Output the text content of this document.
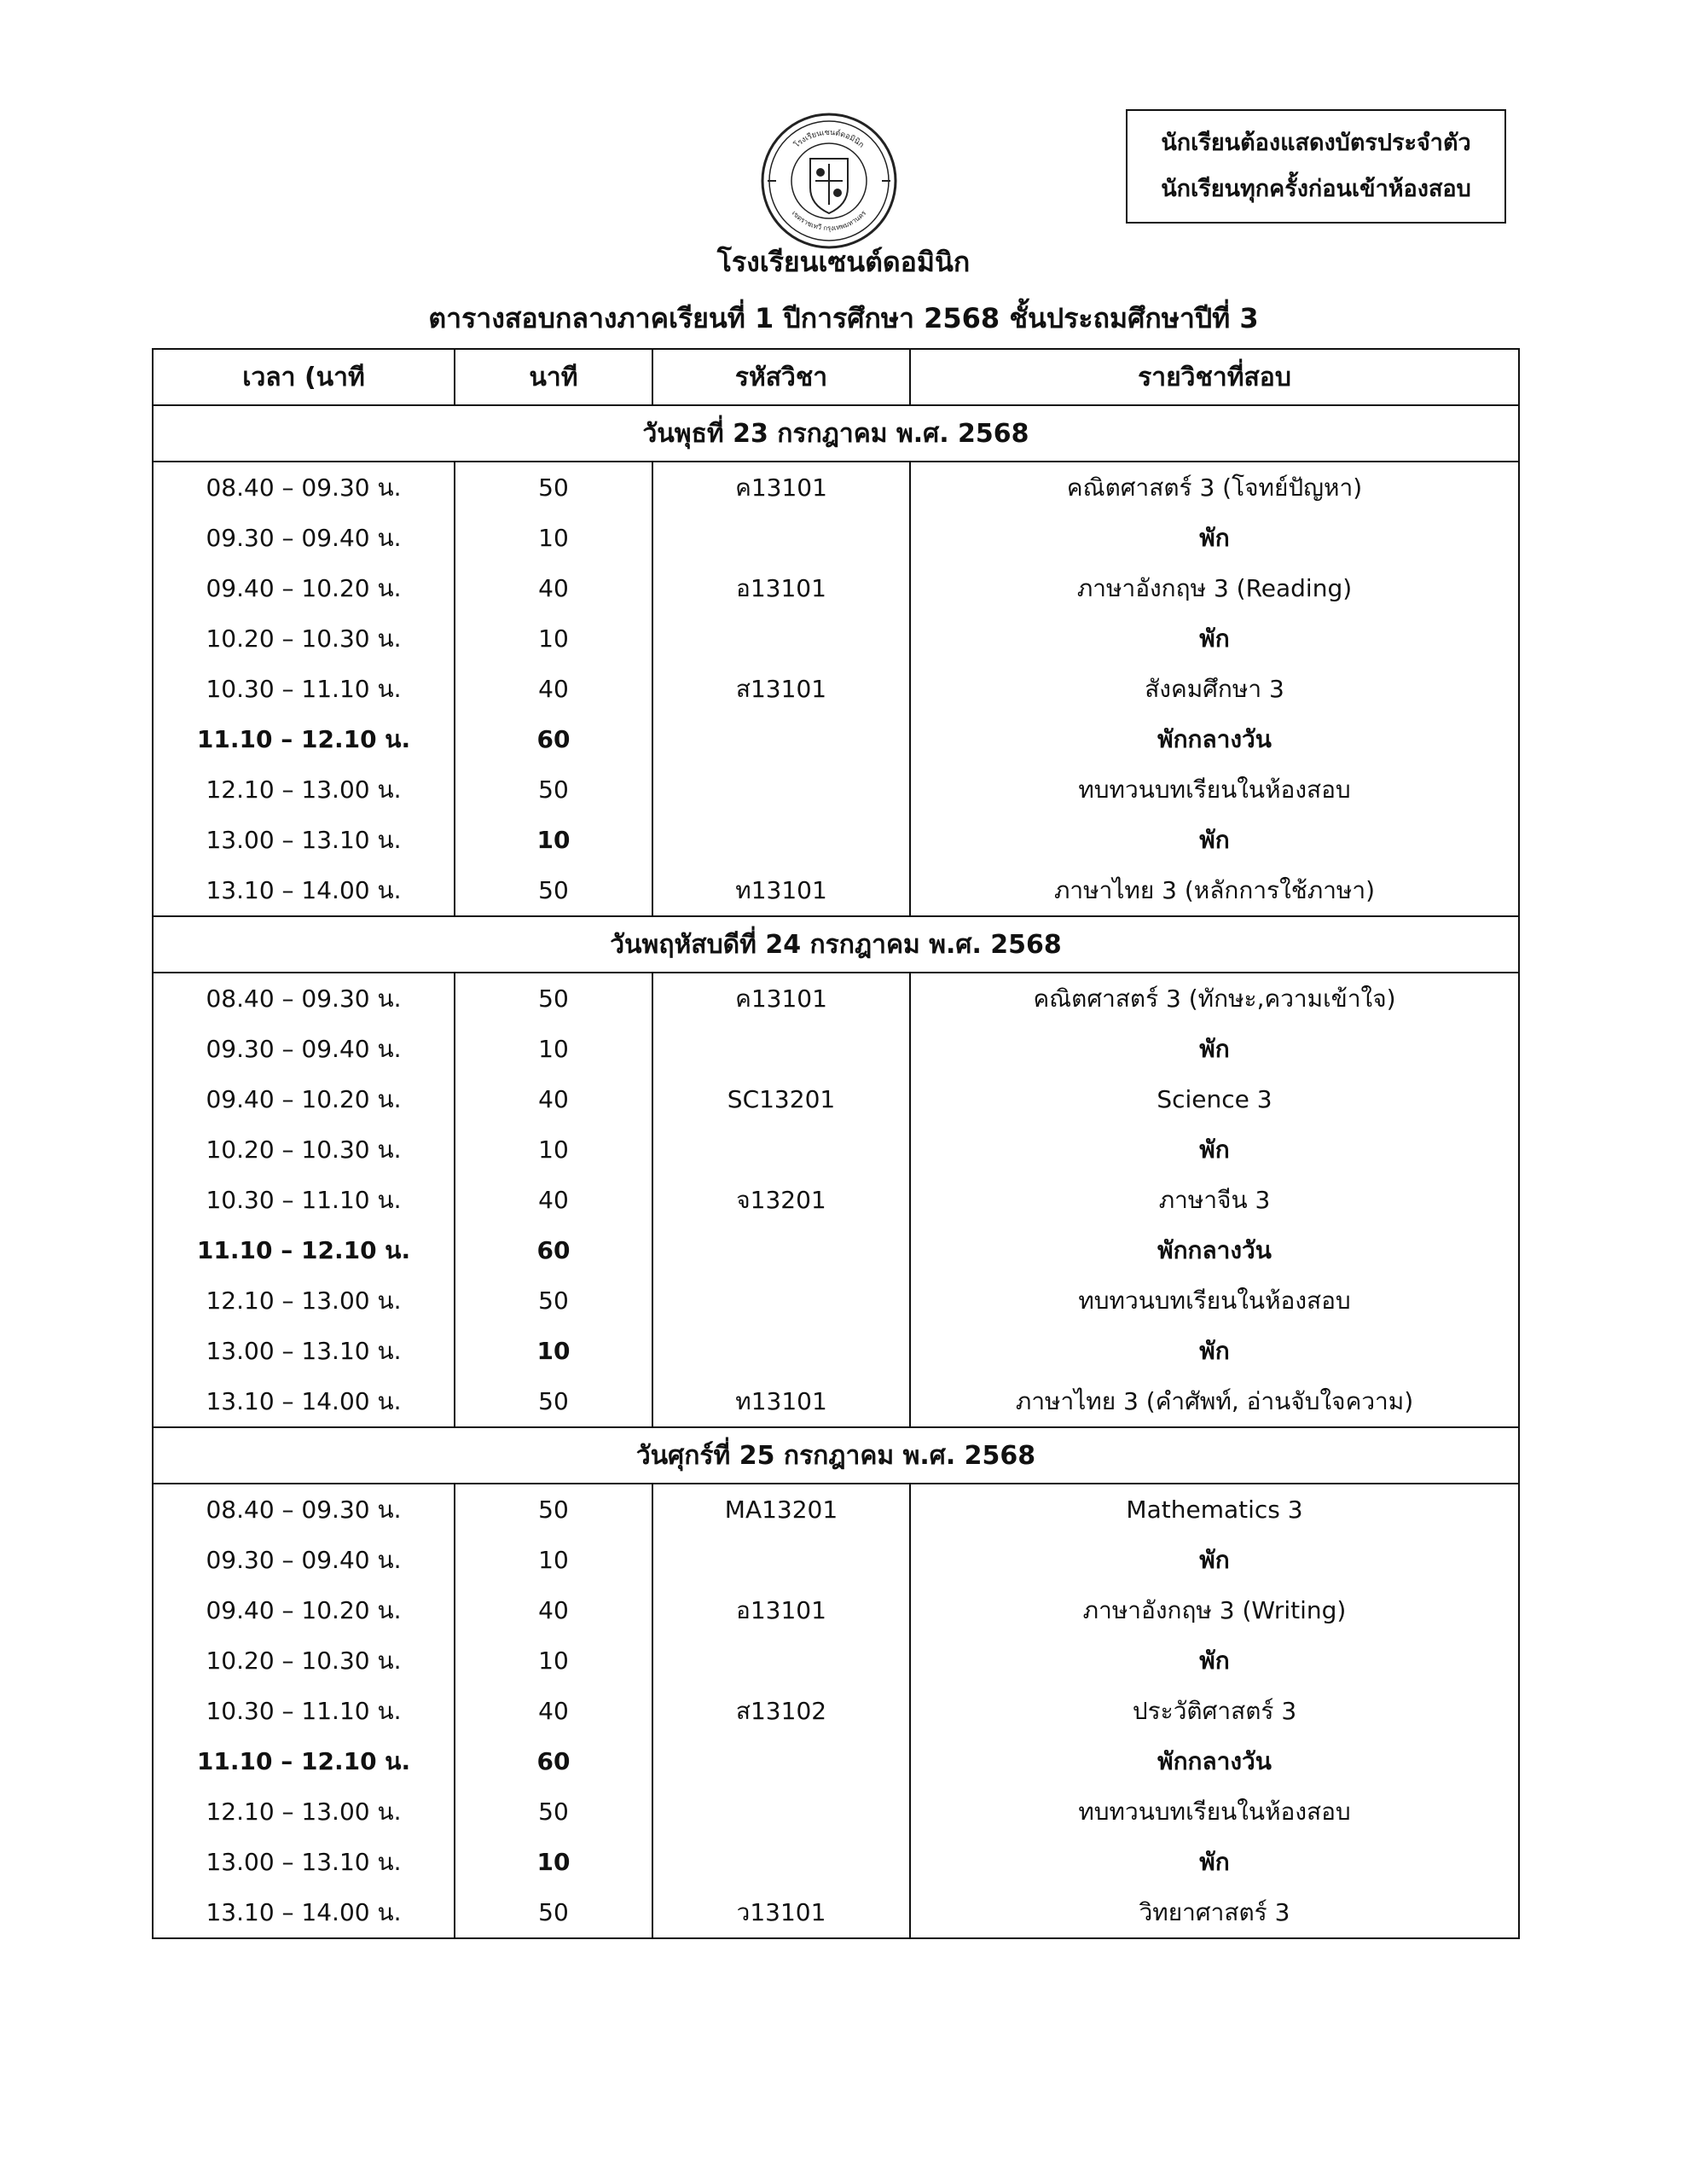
โรงเรียนเซนต์ดอมินิก
เขตราชเทวี กรุงเทพมหานคร
นักเรียนต้องแสดงบัตรประจำตัว
นักเรียนทุกครั้งก่อนเข้าห้องสอบ
โรงเรียนเซนต์ดอมินิก
ตารางสอบกลางภาคเรียนที่ 1 ปีการศึกษา 2568 ชั้นประถมศึกษาปีที่ 3
เวลา (นาที	นาที	รหัสวิชา	รายวิชาที่สอบ
วันพุธที่ 23 กรกฎาคม พ.ศ. 2568			
08.40 – 09.30 น.	50	ค13101	คณิตศาสตร์ 3 (โจทย์ปัญหา)
09.30 – 09.40 น.	10		พัก
09.40 – 10.20 น.	40	อ13101	ภาษาอังกฤษ 3 (Reading)
10.20 – 10.30 น.	10		พัก
10.30 – 11.10 น.	40	ส13101	สังคมศึกษา 3
11.10 – 12.10 น.	60		พักกลางวัน
12.10 – 13.00 น.	50		ทบทวนบทเรียนในห้องสอบ
13.00 – 13.10 น.	10		พัก
13.10 – 14.00 น.	50	ท13101	ภาษาไทย 3 (หลักการใช้ภาษา)
วันพฤหัสบดีที่ 24 กรกฎาคม พ.ศ. 2568			
08.40 – 09.30 น.	50	ค13101	คณิตศาสตร์ 3 (ทักษะ,ความเข้าใจ)
09.30 – 09.40 น.	10		พัก
09.40 – 10.20 น.	40	SC13201	Science 3
10.20 – 10.30 น.	10		พัก
10.30 – 11.10 น.	40	จ13201	ภาษาจีน 3
11.10 – 12.10 น.	60		พักกลางวัน
12.10 – 13.00 น.	50		ทบทวนบทเรียนในห้องสอบ
13.00 – 13.10 น.	10		พัก
13.10 – 14.00 น.	50	ท13101	ภาษาไทย 3 (คำศัพท์, อ่านจับใจความ)
วันศุกร์ที่ 25 กรกฎาคม พ.ศ. 2568			
08.40 – 09.30 น.	50	MA13201	Mathematics 3
09.30 – 09.40 น.	10		พัก
09.40 – 10.20 น.	40	อ13101	ภาษาอังกฤษ 3 (Writing)
10.20 – 10.30 น.	10		พัก
10.30 – 11.10 น.	40	ส13102	ประวัติศาสตร์ 3
11.10 – 12.10 น.	60		พักกลางวัน
12.10 – 13.00 น.	50		ทบทวนบทเรียนในห้องสอบ
13.00 – 13.10 น.	10		พัก
13.10 – 14.00 น.	50	ว13101	วิทยาศาสตร์ 3
